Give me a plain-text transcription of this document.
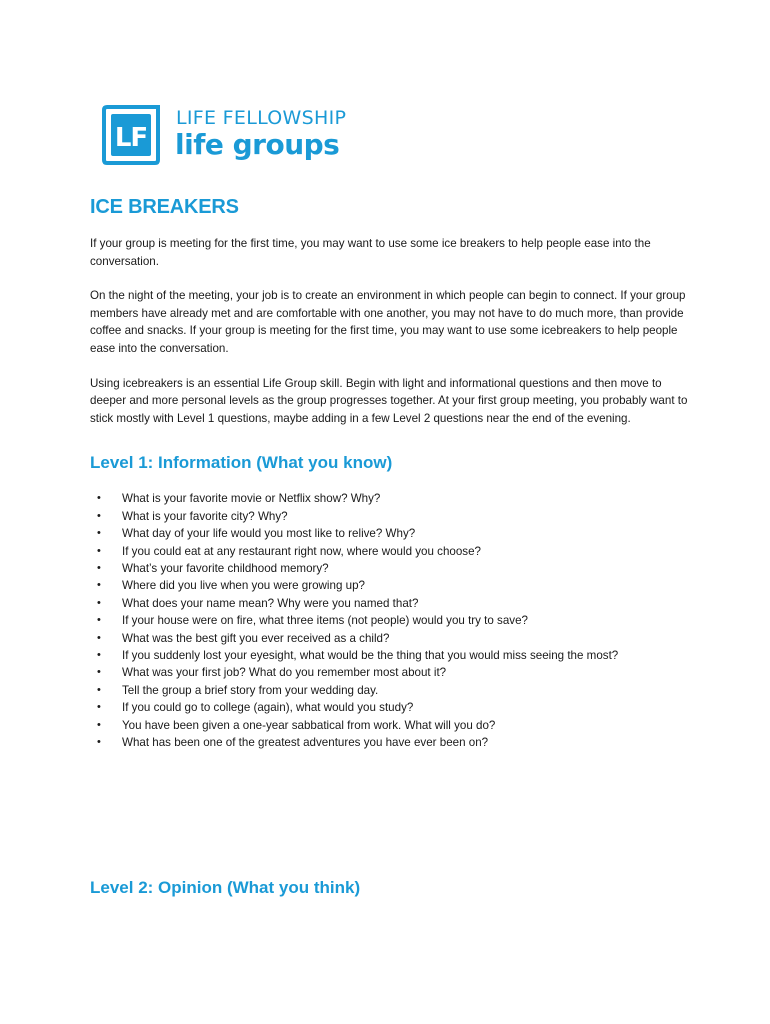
LF
LIFE FELLOWSHIP
life groups
ICE BREAKERS

If your group is meeting for the first time, you may want to use some ice breakers to help people ease into the conversation.

On the night of the meeting, your job is to create an environment in which people can begin to connect. If your group members have already met and are comfortable with one another, you may not have to do much more, than provide coffee and snacks. If your group is meeting for the first time, you may want to use some icebreakers to help people ease into the conversation.

Using icebreakers is an essential Life Group skill. Begin with light and informational questions and then move to deeper and more personal levels as the group progresses together. At your first group meeting, you probably want to stick mostly with Level 1 questions, maybe adding in a few Level 2 questions near the end of the evening.

Level 1: Information (What you know)
• What is your favorite movie or Netflix show? Why?
• What is your favorite city? Why?
• What day of your life would you most like to relive? Why?
• If you could eat at any restaurant right now, where would you choose?
• What’s your favorite childhood memory?
• Where did you live when you were growing up?
• What does your name mean? Why were you named that?
• If your house were on fire, what three items (not people) would you try to save?
• What was the best gift you ever received as a child?
• If you suddenly lost your eyesight, what would be the thing that you would miss seeing the most?
• What was your first job? What do you remember most about it?
• Tell the group a brief story from your wedding day.
• If you could go to college (again), what would you study?
• You have been given a one-year sabbatical from work. What will you do?
• What has been one of the greatest adventures you have ever been on?
Level 2: Opinion (What you think)
